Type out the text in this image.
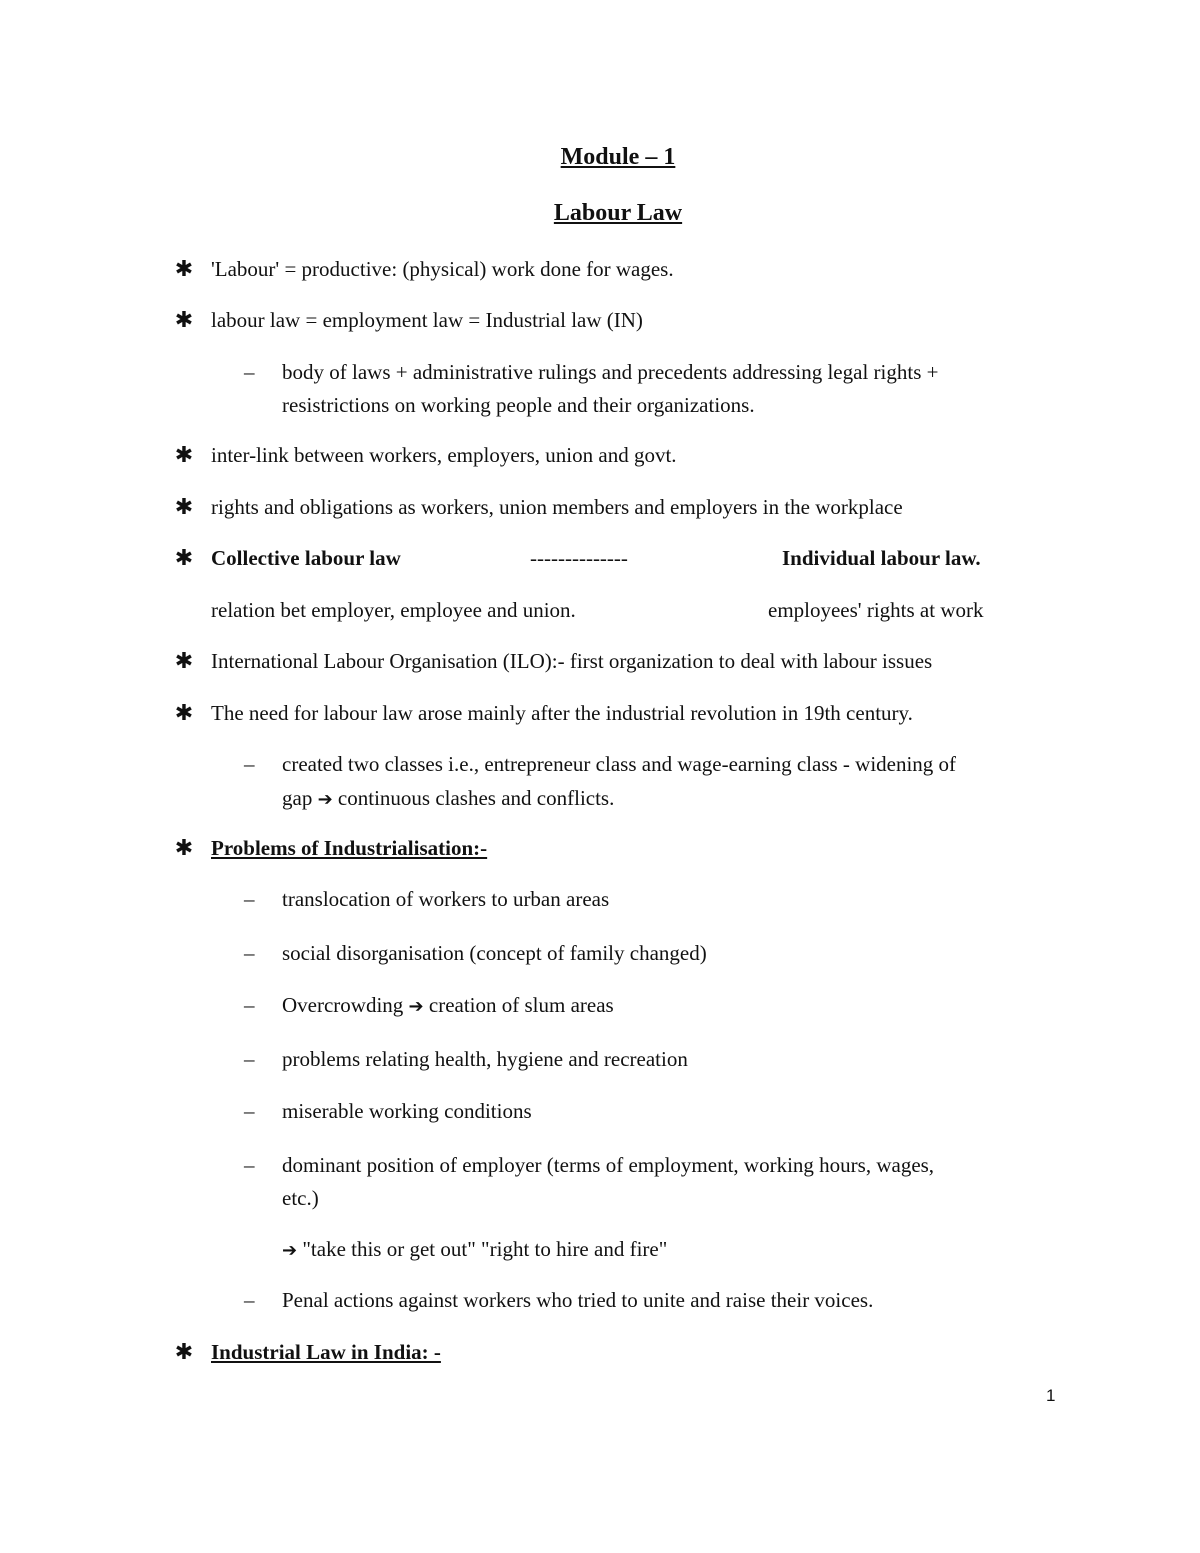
Module – 1
Labour Law
✱ 'Labour' = productive: (physical) work done for wages.
✱ labour law = employment law = Industrial law (IN)
– body of laws + administrative rulings and precedents addressing legal rights +
resistrictions on working people and their organizations.
✱ inter-link between workers, employers, union and govt.
✱ rights and obligations as workers, union members and employers in the workplace
✱ Collective labour law	--------------	Individual labour law.
relation bet employer, employee and union.	employees' rights at work
✱ International Labour Organisation (ILO):- first organization to deal with labour issues
✱ The need for labour law arose mainly after the industrial revolution in 19th century.
– created two classes i.e., entrepreneur class and wage-earning class - widening of
gap ➔ continuous clashes and conflicts.
✱ Problems of Industrialisation:-
– translocation of workers to urban areas
– social disorganisation (concept of family changed)
– Overcrowding ➔ creation of slum areas
– problems relating health, hygiene and recreation
– miserable working conditions
– dominant position of employer (terms of employment, working hours, wages,
etc.)
➔ "take this or get out" "right to hire and fire"
– Penal actions against workers who tried to unite and raise their voices.
✱ Industrial Law in India: -
1
